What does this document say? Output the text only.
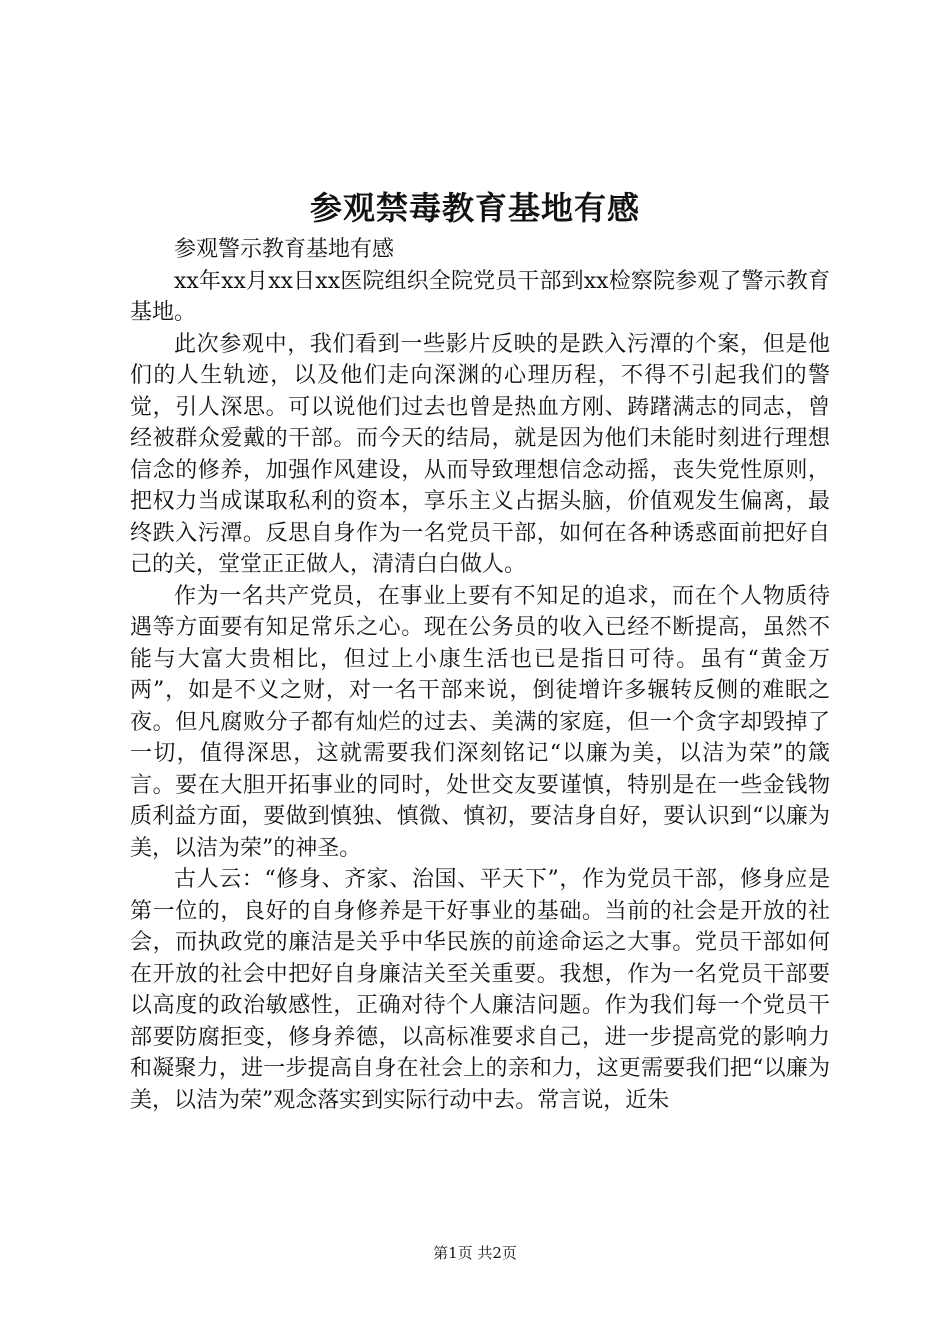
参观禁毒教育基地有感

参观警示教育基地有感

xx年xx月xx日xx医院组织全院党员干部到xx检察院参观了警示教育基地。

此次参观中，我们看到一些影片反映的是跌入污潭的个案，但是他们的人生轨迹，以及他们走向深渊的心理历程，不得不引起我们的警觉，引人深思。可以说他们过去也曾是热血方刚、踌躇满志的同志，曾经被群众爱戴的干部。而今天的结局，就是因为他们未能时刻进行理想信念的修养，加强作风建设，从而导致理想信念动摇，丧失党性原则，把权力当成谋取私利的资本，享乐主义占据头脑，价值观发生偏离，最终跌入污潭。反思自身作为一名党员干部，如何在各种诱惑面前把好自己的关，堂堂正正做人，清清白白做人。

作为一名共产党员，在事业上要有不知足的追求，而在个人物质待遇等方面要有知足常乐之心。现在公务员的收入已经不断提高，虽然不能与大富大贵相比，但过上小康生活也已是指日可待。虽有“黄金万两”，如是不义之财，对一名干部来说，倒徒增许多辗转反侧的难眠之夜。但凡腐败分子都有灿烂的过去、美满的家庭，但一个贪字却毁掉了一切，值得深思，这就需要我们深刻铭记“以廉为美，以洁为荣”的箴言。要在大胆开拓事业的同时，处世交友要谨慎，特别是在一些金钱物质利益方面，要做到慎独、慎微、慎初，要洁身自好，要认识到“以廉为美，以洁为荣”的神圣。

古人云：“修身、齐家、治国、平天下”，作为党员干部，修身应是第一位的，良好的自身修养是干好事业的基础。当前的社会是开放的社会，而执政党的廉洁是关乎中华民族的前途命运之大事。党员干部如何在开放的社会中把好自身廉洁关至关重要。我想，作为一名党员干部要以高度的政治敏感性，正确对待个人廉洁问题。作为我们每一个党员干部要防腐拒变，修身养德，以高标准要求自己，进一步提高党的影响力和凝聚力，进一步提高自身在社会上的亲和力，这更需要我们把“以廉为美，以洁为荣”观念落实到实际行动中去。常言说，近朱

第1页 共2页
